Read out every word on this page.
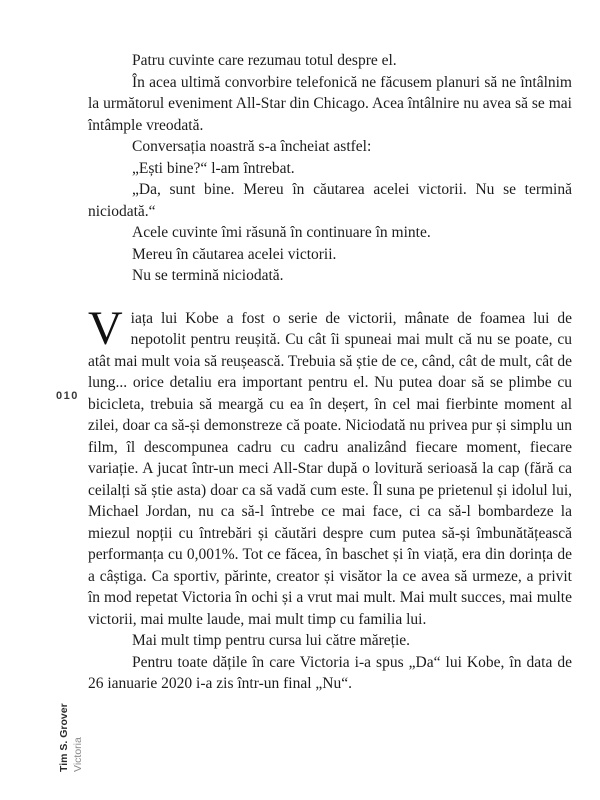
010
Tim S. Grover Victoria

Patru cuvinte care rezumau totul despre el.

În acea ultimă convorbire telefonică ne făcusem planuri să ne întâlnim la următorul eveniment All-Star din Chicago. Acea întâlnire nu avea să se mai întâmple vreodată.

Conversația noastră s-a încheiat astfel:

„Ești bine?“ l-am întrebat.

„Da, sunt bine. Mereu în căutarea acelei victorii. Nu se termină niciodată.“

Acele cuvinte îmi răsună în continuare în minte.

Mereu în căutarea acelei victorii.

Nu se termină niciodată.

Viața lui Kobe a fost o serie de victorii, mânate de foamea lui de nepotolit pentru reușită. Cu cât îi spuneai mai mult că nu se poate, cu atât mai mult voia să reușească. Trebuia să știe de ce, când, cât de mult, cât de lung... orice detaliu era important pentru el. Nu putea doar să se plimbe cu bicicleta, trebuia să meargă cu ea în deșert, în cel mai fierbinte moment al zilei, doar ca să-și demonstreze că poate. Niciodată nu privea pur și simplu un film, îl descompunea cadru cu cadru analizând fiecare moment, fiecare variație. A jucat într-un meci All-Star după o lovitură serioasă la cap (fără ca ceilalți să știe asta) doar ca să vadă cum este. Îl suna pe prietenul și idolul lui, Michael Jordan, nu ca să-l întrebe ce mai face, ci ca să-l bombardeze la miezul nopții cu întrebări și căutări despre cum putea să-și îmbunătățească performanța cu 0,001%. Tot ce făcea, în baschet și în viață, era din dorința de a câștiga. Ca sportiv, părinte, creator și visător la ce avea să urmeze, a privit în mod repetat Victoria în ochi și a vrut mai mult. Mai mult succes, mai multe victorii, mai multe laude, mai mult timp cu familia lui.

Mai mult timp pentru cursa lui către măreție.

Pentru toate dățile în care Victoria i-a spus „Da“ lui Kobe, în data de 26 ianuarie 2020 i-a zis într-un final „Nu“.
